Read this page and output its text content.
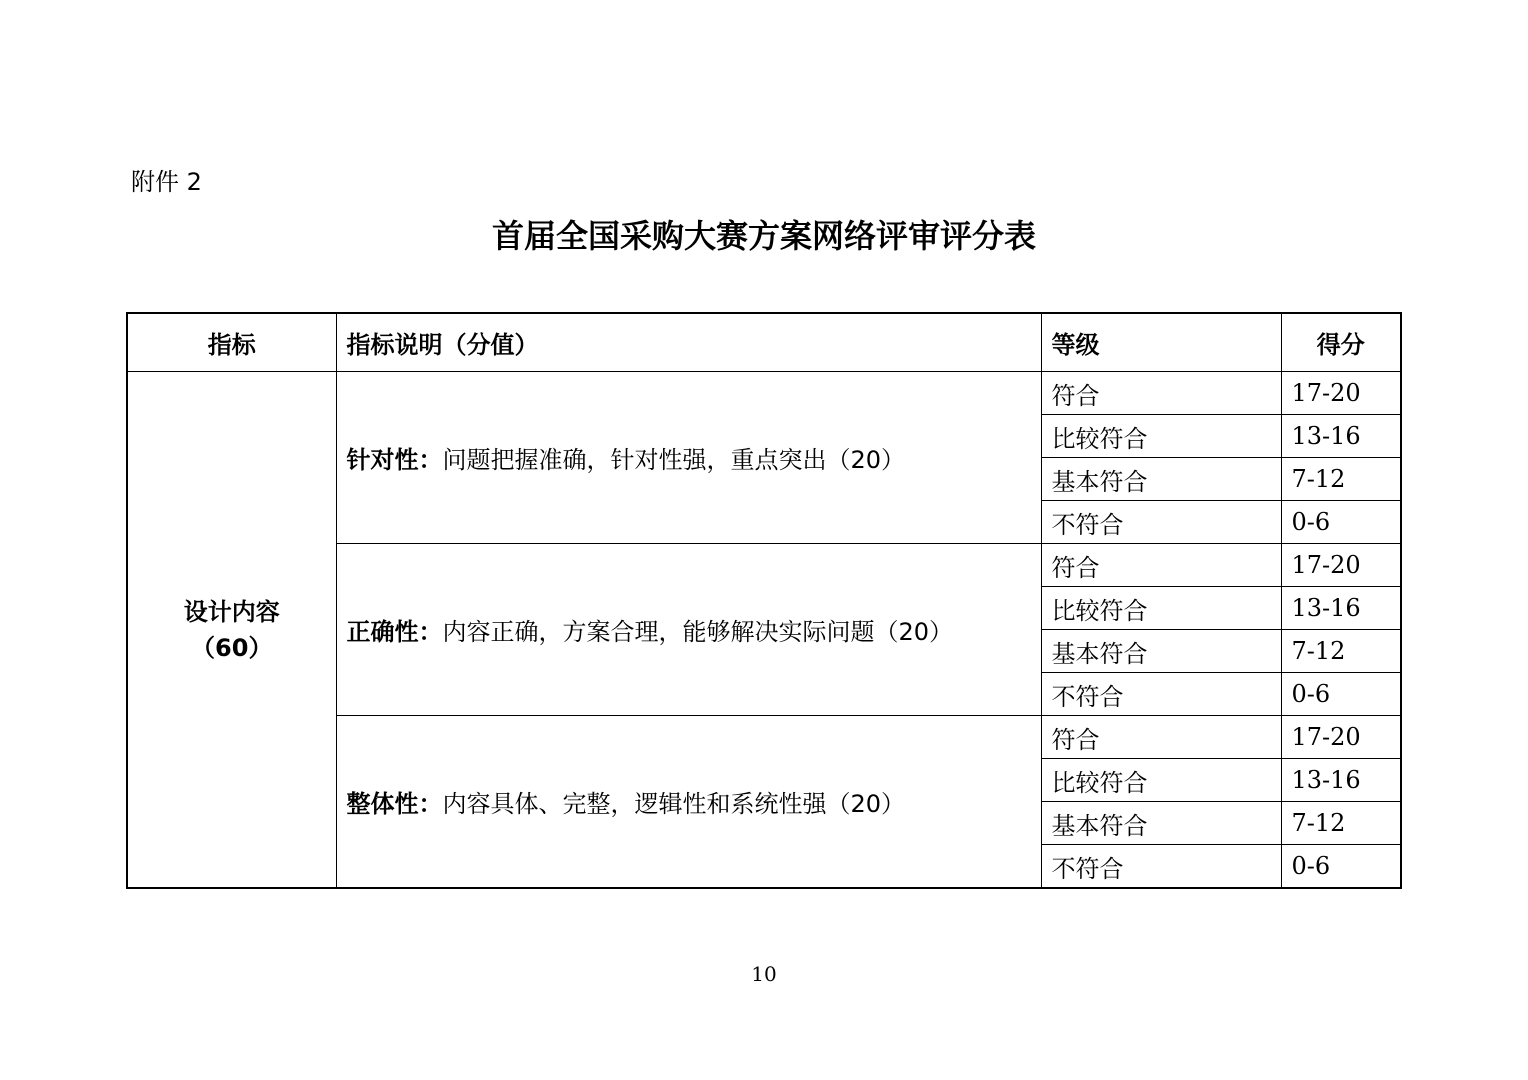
附件 2
首届全国采购大赛方案网络评审评分表
指标	指标说明（分值）	等级	得分

设计内容
（60）	针对性：问题把握准确，针对性强，重点突出（20）	符合	17-20
		比较符合	13-16
		基本符合	7-12
		不符合	0-6
	正确性：内容正确，方案合理，能够解决实际问题（20）	符合	17-20
		比较符合	13-16
		基本符合	7-12
		不符合	0-6
	整体性：内容具体、完整，逻辑性和系统性强（20）	符合	17-20
		比较符合	13-16
		基本符合	7-12
		不符合	0-6
10
